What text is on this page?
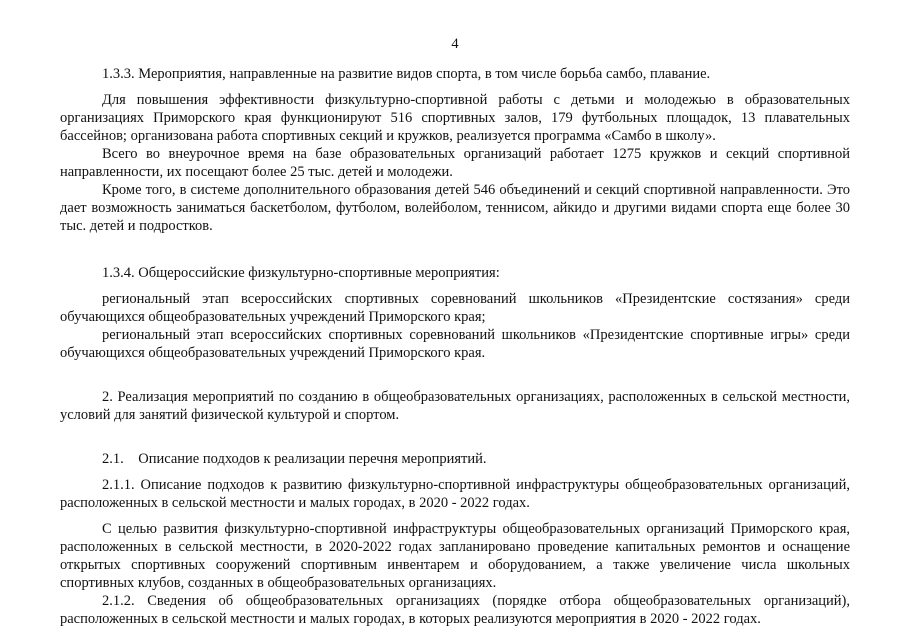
4

1.3.3. Мероприятия, направленные на развитие видов спорта, в том числе борьба самбо, плавание.

Для повышения эффективности физкультурно-спортивной работы с детьми и молодежью в образовательных организациях Приморского края функционируют 516 спортивных залов, 179 футбольных площадок, 13 плавательных бассейнов; организована работа спортивных секций и кружков, реализуется программа «Самбо в школу».

Всего во внеурочное время на базе образовательных организаций работает 1275 кружков и секций спортивной направленности, их посещают более 25 тыс. детей и молодежи.

Кроме того, в системе дополнительного образования детей 546 объединений и секций спортивной направленности. Это дает возможность заниматься баскетболом, футболом, волейболом, теннисом, айкидо и другими видами спорта еще более 30 тыс. детей и подростков.

1.3.4. Общероссийские физкультурно-спортивные мероприятия:

региональный этап всероссийских спортивных соревнований школьников «Президентские состязания» среди обучающихся общеобразовательных учреждений Приморского края;

региональный этап всероссийских спортивных соревнований школьников «Президентские спортивные игры» среди обучающихся общеобразовательных учреждений Приморского края.

2. Реализация мероприятий по созданию в общеобразовательных организациях, расположенных в сельской местности, условий для занятий физической культурой и спортом.

2.1.    Описание подходов к реализации перечня мероприятий.

2.1.1. Описание подходов к развитию физкультурно-спортивной инфраструктуры общеобразовательных организаций, расположенных в сельской местности и малых городах, в 2020 - 2022 годах.

С целью развития физкультурно-спортивной инфраструктуры общеобразовательных организаций Приморского края, расположенных в сельской местности, в 2020-2022 годах запланировано проведение капитальных ремонтов и оснащение открытых спортивных сооружений спортивным инвентарем и оборудованием, а также увеличение числа школьных спортивных клубов, созданных в общеобразовательных организациях.

2.1.2. Сведения об общеобразовательных организациях (порядке отбора общеобразовательных организаций), расположенных в сельской местности и малых городах, в которых реализуются мероприятия в 2020 - 2022 годах.
